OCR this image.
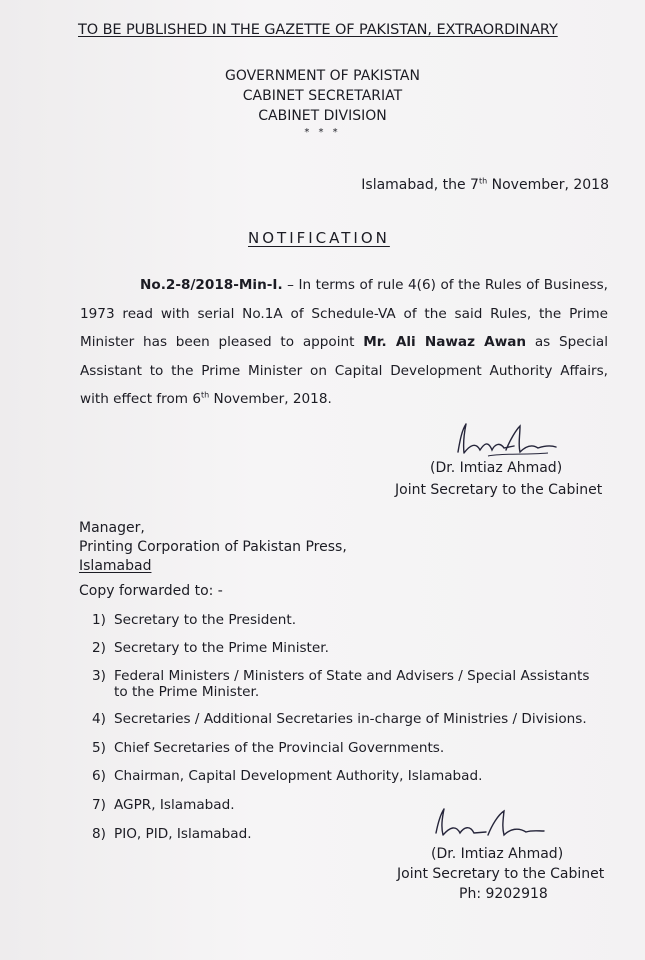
TO BE PUBLISHED IN THE GAZETTE OF PAKISTAN, EXTRAORDINARY
GOVERNMENT OF PAKISTAN
CABINET SECRETARIAT
CABINET DIVISION
* * *
Islamabad, the 7th November, 2018
NOTIFICATION
No.2-8/2018-Min-I. – In terms of rule 4(6) of the Rules of Business, 1973 read with serial No.1A of Schedule-VA of the said Rules, the Prime Minister has been pleased to appoint Mr. Ali Nawaz Awan as Special Assistant to the Prime Minister on Capital Development Authority Affairs, with effect from 6th November, 2018.
(Dr. Imtiaz Ahmad)
Joint Secretary to the Cabinet
Manager,
Printing Corporation of Pakistan Press,
Islamabad
Copy forwarded to: -
1) Secretary to the President.
2) Secretary to the Prime Minister.
3) Federal Ministers / Ministers of State and Advisers / Special Assistants
to the Prime Minister.
4) Secretaries / Additional Secretaries in-charge of Ministries / Divisions.
5) Chief Secretaries of the Provincial Governments.
6) Chairman, Capital Development Authority, Islamabad.
7) AGPR, Islamabad.
8) PIO, PID, Islamabad.
(Dr. Imtiaz Ahmad)
Joint Secretary to the Cabinet
Ph: 9202918
